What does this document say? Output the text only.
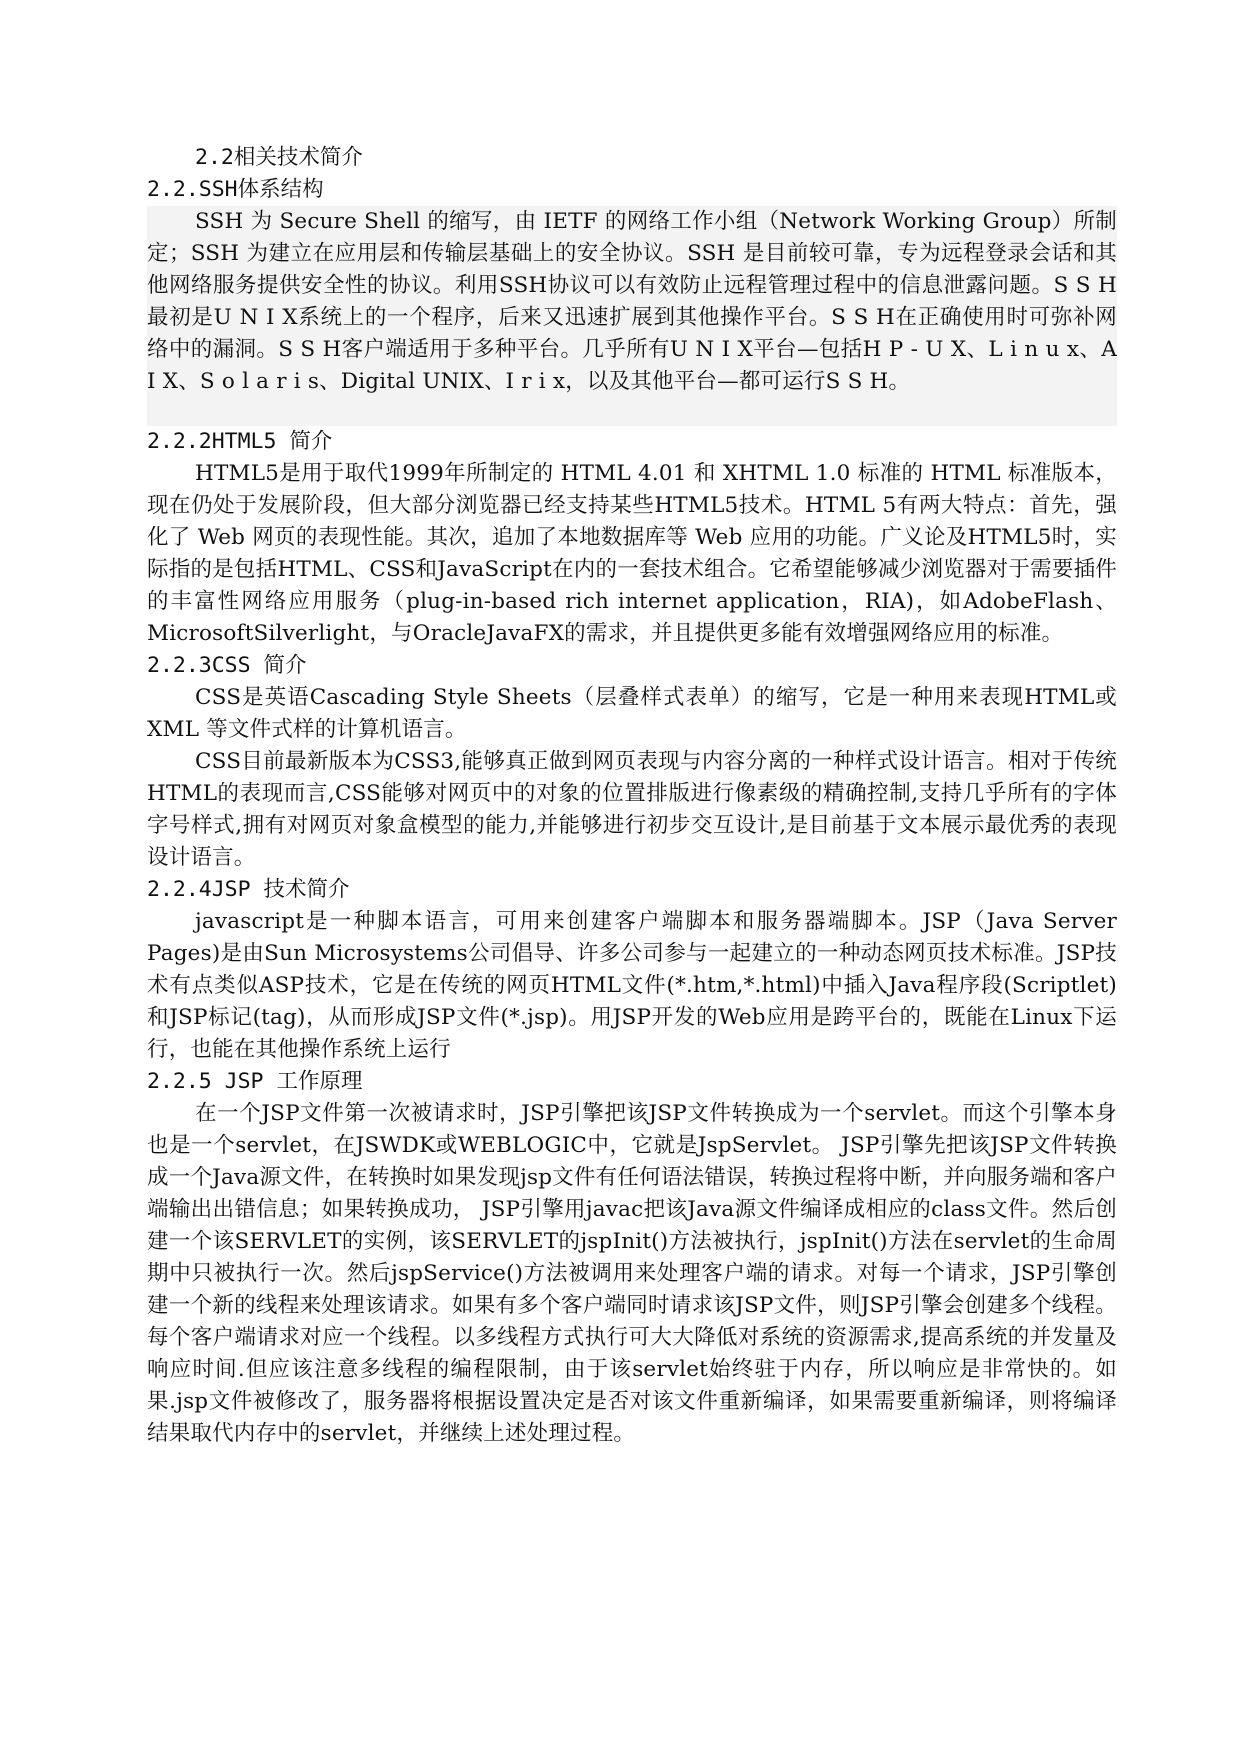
2.2相关技术简介

2.2.SSH体系结构

SSH 为 Secure Shell 的缩写，由 IETF 的网络工作小组（Network Working Group）所制定；SSH 为建立在应用层和传输层基础上的安全协议。SSH 是目前较可靠，专为远程登录会话和其他网络服务提供安全性的协议。利用SSH协议可以有效防止远程管理过程中的信息泄露问题。S S H最初是U N I X系统上的一个程序，后来又迅速扩展到其他操作平台。S S H在正确使用时可弥补网络中的漏洞。S S H客户端适用于多种平台。几乎所有U N I X平台—包括H P - U X、L i n u x、A I X、S o l a r i s、Digital UNIX、I r i x，以及其他平台—都可运行S S H。

2.2.2HTML5 简介

HTML5是用于取代1999年所制定的 HTML 4.01 和 XHTML 1.0 标准的 HTML 标准版本，现在仍处于发展阶段，但大部分浏览器已经支持某些HTML5技术。HTML 5有两大特点：首先，强化了 Web 网页的表现性能。其次，追加了本地数据库等 Web 应用的功能。广义论及HTML5时，实际指的是包括HTML、CSS和JavaScript在内的一套技术组合。它希望能够减少浏览器对于需要插件的丰富性网络应用服务（plug-in-based rich internet application，RIA)，如AdobeFlash、MicrosoftSilverlight，与OracleJavaFX的需求，并且提供更多能有效增强网络应用的标准。

2.2.3CSS 简介

CSS是英语Cascading Style Sheets（层叠样式表单）的缩写，它是一种用来表现HTML或 XML 等文件式样的计算机语言。

CSS目前最新版本为CSS3,能够真正做到网页表现与内容分离的一种样式设计语言。相对于传统HTML的表现而言,CSS能够对网页中的对象的位置排版进行像素级的精确控制,支持几乎所有的字体字号样式,拥有对网页对象盒模型的能力,并能够进行初步交互设计,是目前基于文本展示最优秀的表现设计语言。

2.2.4JSP 技术简介

javascript是一种脚本语言，可用来创建客户端脚本和服务器端脚本。JSP（Java Server Pages)是由Sun Microsystems公司倡导、许多公司参与一起建立的一种动态网页技术标准。JSP技术有点类似ASP技术，它是在传统的网页HTML文件(*.htm,*.html)中插入Java程序段(Scriptlet)和JSP标记(tag)，从而形成JSP文件(*.jsp)。用JSP开发的Web应用是跨平台的，既能在Linux下运行，也能在其他操作系统上运行

2.2.5 JSP 工作原理

在一个JSP文件第一次被请求时，JSP引擎把该JSP文件转换成为一个servlet。而这个引擎本身也是一个servlet，在JSWDK或WEBLOGIC中，它就是JspServlet。 JSP引擎先把该JSP文件转换成一个Java源文件，在转换时如果发现jsp文件有任何语法错误，转换过程将中断，并向服务端和客户端输出出错信息；如果转换成功， JSP引擎用javac把该Java源文件编译成相应的class文件。然后创建一个该SERVLET的实例，该SERVLET的jspInit()方法被执行，jspInit()方法在servlet的生命周期中只被执行一次。然后jspService()方法被调用来处理客户端的请求。对每一个请求，JSP引擎创建一个新的线程来处理该请求。如果有多个客户端同时请求该JSP文件，则JSP引擎会创建多个线程。每个客户端请求对应一个线程。以多线程方式执行可大大降低对系统的资源需求,提高系统的并发量及响应时间.但应该注意多线程的编程限制，由于该servlet始终驻于内存，所以响应是非常快的。如果.jsp文件被修改了，服务器将根据设置决定是否对该文件重新编译，如果需要重新编译，则将编译结果取代内存中的servlet，并继续上述处理过程。
